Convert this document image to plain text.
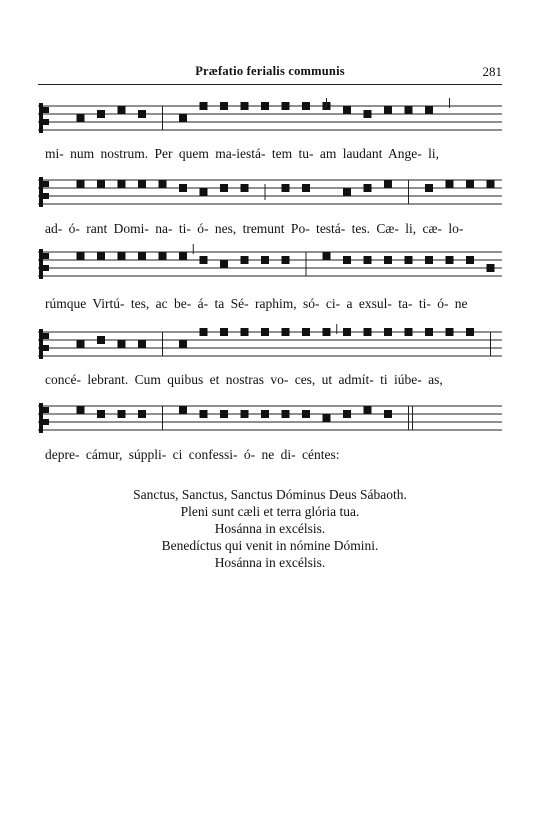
Præfatio ferialis communis	281
mi- num nostrum. Per quem ma-iestá- tem tu- am laudant Ange- li,
ad- ó- rant Domi- na- ti- ó- nes, tremunt Po- testá- tes. Cæ- li, cæ- lo-
rúmque Virtú- tes, ac be- á- ta Sé- raphim, só- ci- a exsul- ta- ti- ó- ne
concé- lebrant. Cum quibus et nostras vo- ces, ut admít- ti iúbe- as,
depre- cámur, súppli- ci confessi- ó- ne di- céntes:
Sanctus, Sanctus, Sanctus Dóminus Deus Sábaoth.
Pleni sunt cæli et terra glória tua.
Hosánna in excélsis.
Benedíctus qui venit in nómine Dómini.
Hosánna in excélsis.
